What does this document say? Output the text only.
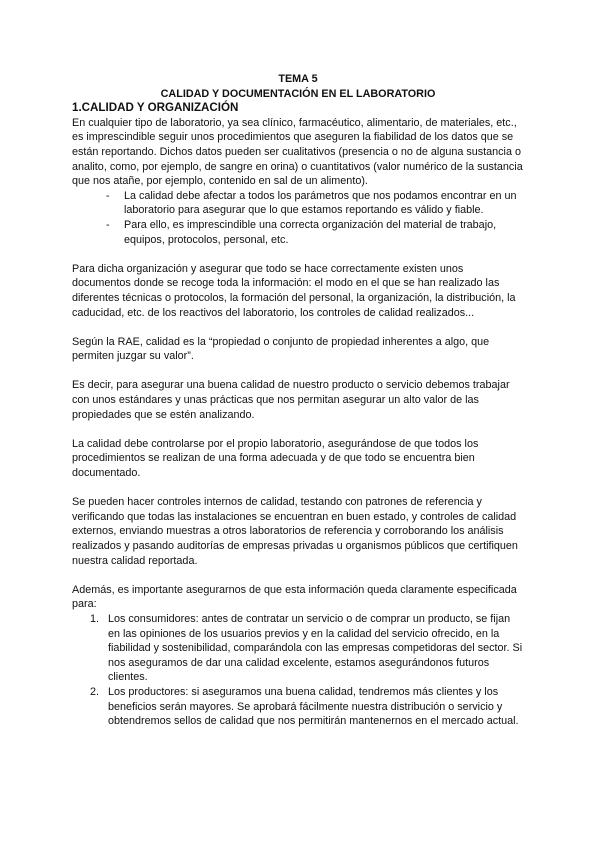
TEMA 5

CALIDAD Y DOCUMENTACIÓN EN EL LABORATORIO

1.CALIDAD Y ORGANIZACIÓN

En cualquier tipo de laboratorio, ya sea clínico, farmacéutico, alimentario, de materiales, etc., es imprescindible seguir unos procedimientos que aseguren la fiabilidad de los datos que se están reportando. Dichos datos pueden ser cualitativos (presencia o no de alguna sustancia o analito, como, por ejemplo, de sangre en orina) o cuantitativos (valor numérico de la sustancia que nos atañe, por ejemplo, contenido en sal de un alimento).

- La calidad debe afectar a todos los parámetros que nos podamos encontrar en un laboratorio para asegurar que lo que estamos reportando es válido y fiable.
- Para ello, es imprescindible una correcta organización del material de trabajo, equipos, protocolos, personal, etc.

Para dicha organización y asegurar que todo se hace correctamente existen unos documentos donde se recoge toda la información: el modo en el que se han realizado las diferentes técnicas o protocolos, la formación del personal, la organización, la distribución, la caducidad, etc. de los reactivos del laboratorio, los controles de calidad realizados...

Según la RAE, calidad es la “propiedad o conjunto de propiedad inherentes a algo, que permiten juzgar su valor”.

Es decir, para asegurar una buena calidad de nuestro producto o servicio debemos trabajar con unos estándares y unas prácticas que nos permitan asegurar un alto valor de las propiedades que se estén analizando.

La calidad debe controlarse por el propio laboratorio, asegurándose de que todos los procedimientos se realizan de una forma adecuada y de que todo se encuentra bien documentado.

Se pueden hacer controles internos de calidad, testando con patrones de referencia y verificando que todas las instalaciones se encuentran en buen estado, y controles de calidad externos, enviando muestras a otros laboratorios de referencia y corroborando los análisis realizados y pasando auditorías de empresas privadas u organismos públicos que certifiquen nuestra calidad reportada.

Además, es importante asegurarnos de que esta información queda claramente especificada para:

1. Los consumidores: antes de contratar un servicio o de comprar un producto, se fijan en las opiniones de los usuarios previos y en la calidad del servicio ofrecido, en la fiabilidad y sostenibilidad, comparándola con las empresas competidoras del sector. Si nos aseguramos de dar una calidad excelente, estamos asegurándonos futuros clientes.
2. Los productores: si aseguramos una buena calidad, tendremos más clientes y los beneficios serán mayores. Se aprobará fácilmente nuestra distribución o servicio y obtendremos sellos de calidad que nos permitirán mantenernos en el mercado actual.
